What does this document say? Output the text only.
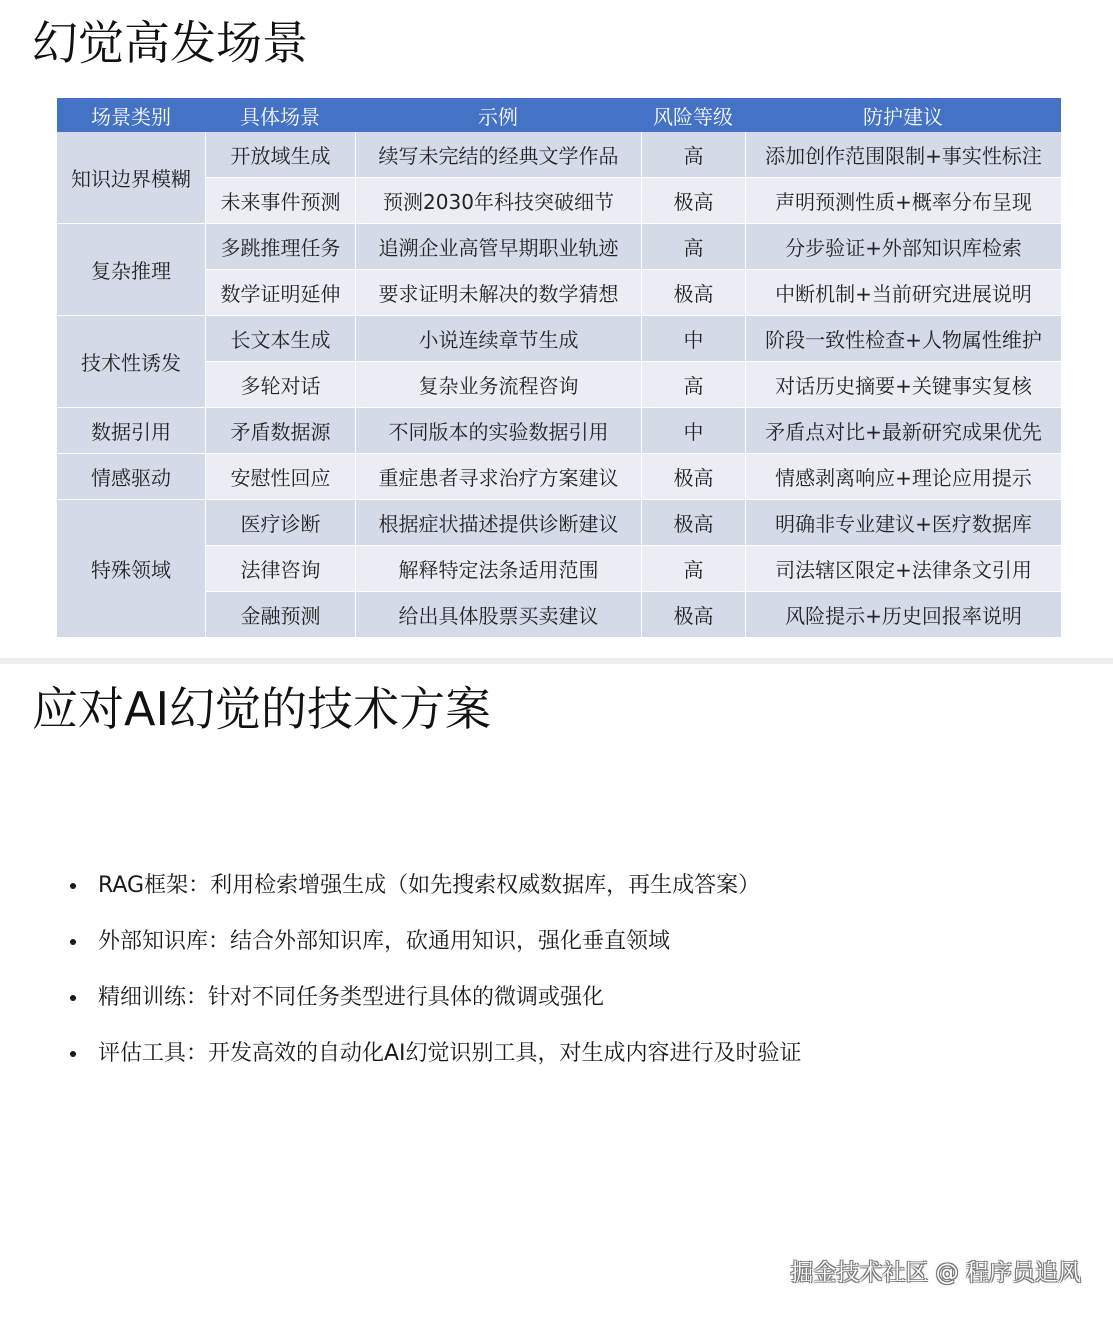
幻觉高发场景
场景类别	具体场景	示例	风险等级	防护建议
知识边界模糊	开放域生成	续写未完结的经典文学作品	高	添加创作范围限制+事实性标注
	未来事件预测	预测2030年科技突破细节	极高	声明预测性质+概率分布呈现
复杂推理	多跳推理任务	追溯企业高管早期职业轨迹	高	分步验证+外部知识库检索
	数学证明延伸	要求证明未解决的数学猜想	极高	中断机制+当前研究进展说明
技术性诱发	长文本生成	小说连续章节生成	中	阶段一致性检查+人物属性维护
	多轮对话	复杂业务流程咨询	高	对话历史摘要+关键事实复核
数据引用	矛盾数据源	不同版本的实验数据引用	中	矛盾点对比+最新研究成果优先
情感驱动	安慰性回应	重症患者寻求治疗方案建议	极高	情感剥离响应+理论应用提示
特殊领域	医疗诊断	根据症状描述提供诊断建议	极高	明确非专业建议+医疗数据库
	法律咨询	解释特定法条适用范围	高	司法辖区限定+法律条文引用
	金融预测	给出具体股票买卖建议	极高	风险提示+历史回报率说明
应对AI幻觉的技术方案
RAG框架：利用检索增强生成（如先搜索权威数据库，再生成答案）
外部知识库：结合外部知识库，砍通用知识，强化垂直领域
精细训练：针对不同任务类型进行具体的微调或强化
评估工具：开发高效的自动化AI幻觉识别工具，对生成内容进行及时验证
掘金技术社区 @ 程序员追风
